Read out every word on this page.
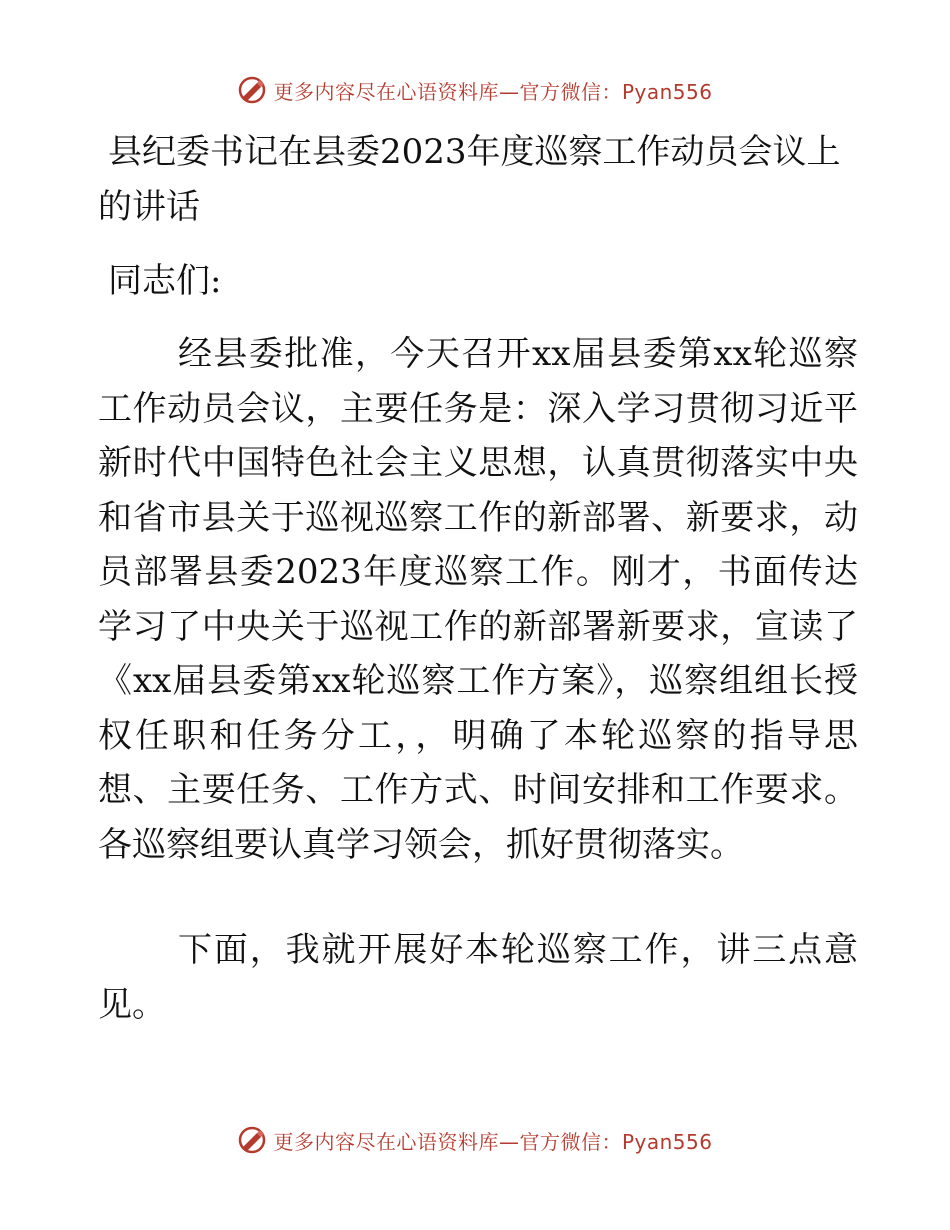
更多内容尽在心语资料库—官方微信：Pyan556
县纪委书记在县委2023年度巡察工作动员会议上的讲话

同志们:

经县委批准，今天召开xx届县委第xx轮巡察工作动员会议，主要任务是：深入学习贯彻习近平新时代中国特色社会主义思想，认真贯彻落实中央和省市县关于巡视巡察工作的新部署、新要求，动员部署县委2023年度巡察工作。刚才，书面传达学习了中央关于巡视工作的新部署新要求，宣读了《xx届县委第xx轮巡察工作方案》，巡察组组长授权任职和任务分工，，明确了本轮巡察的指导思想、主要任务、工作方式、时间安排和工作要求。各巡察组要认真学习领会，抓好贯彻落实。

下面，我就开展好本轮巡察工作，讲三点意见。

更多内容尽在心语资料库—官方微信：Pyan556
